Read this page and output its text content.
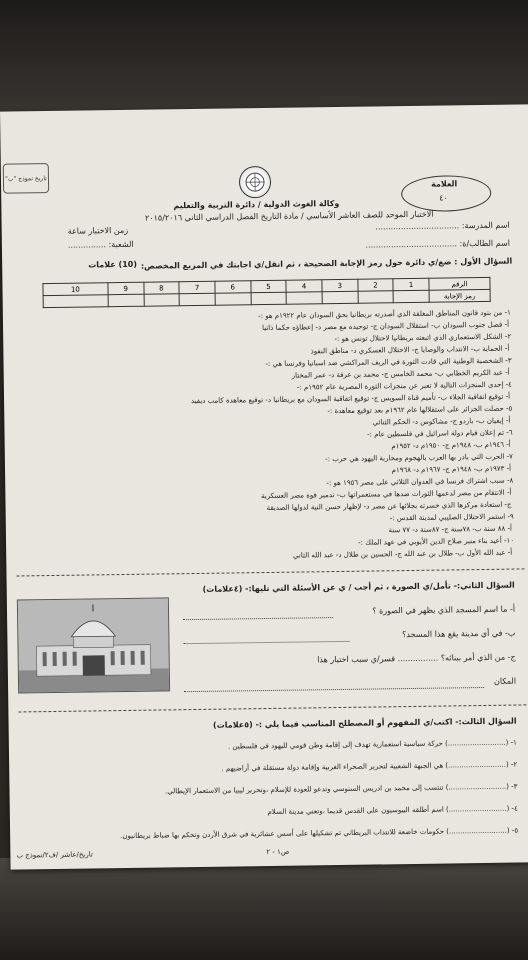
تاريخ نموذج "ب"
وكالة الغوث الدولية / دائرة التربية والتعليم
الاختبار الموحد للصف العاشر الأساسي / مادة التاريخ الفصل الدراسي الثاني ٢٠١٥/٢٠١٦
العلامة
٤٠
اسم المدرسة: .................................
زمن الاختبار ساعة
اسم الطالب/ة: ....................................
الشعبة: ...............
السؤال الأول : ضع/ي دائرة حول رمز الإجابة الصحيحة ، ثم انقل/ي اجابتك في المربع المخصص:
(10) علامات
الرقم	1	2	3	4	5	6	7	8	9	10
رمز الإجابة										
١- من بنود قانون المناطق المغلقة الذي أصدرته بريطانيا بحق السودان عام ١٩٢٢م هو :-
أ- فصل جنوب السودان ب- استقلال السودان ج- توحيده مع مصر د- إعطاؤه حكما ذاتيا
٢- الشكل الاستعماري الذي اتبعته بريطانيا لاحتلال تونس هو :-
أ- الحماية ب- الانتداب والوصايا ج- الاحتلال العسكري د- مناطق النفوذ
٣- الشخصية الوطنية التي قادت الثورة في الريف المراكشي ضد اسبانيا وفرنسا هي :-
أ- عبد الكريم الخطابي ب- محمد الخامس ج- محمد بن عرفة د- عمر المختار
٤- إحدى المنجزات التالية لا تعبر عن منجزات الثورة المصرية عام ١٩٥٢م :-
أ- توقيع اتفاقية الجلاء ب- تأميم قناة السويس ج- توقيع اتفاقية السودان مع بريطانيا د- توقيع معاهدة كامب ديفيد
٥- حصلت الجزائر على استقلالها عام ١٩٦٢م بعد توقيع معاهدة :-
أ- إيفيان ب- باردو ج- مشاكوس د- الحكم الثنائي
٦- تم إعلان قيام دولة اسرائيل في فلسطين عام :-
أ- ١٩٤٦م ب- ١٩٤٨م ج- ١٩٥٠م د- ١٩٥٢م
٧- الحرب التي بادر بها العرب بالهجوم ومحاربة اليهود هي حرب :-
أ- ١٩٧٣م ب- ١٩٤٨م ج- ١٩٦٧م د- ١٩٦٨م
٨- سبب اشتراك فرنسا في العدوان الثلاثي على مصر ١٩٥٦ هو :-
أ- الانتقام من مصر لدعمها الثورات ضدها في مستعمراتها ب- تدمير قوة مصر العسكرية
ج- استعادة مركزها الذي خسرته بجلائها عن مصر د- لإظهار حسن النية لدولها الصديقة
٩- استمر الاحتلال الصليبي لمدينة القدس :-
أ- ٨٨ سنة ب- ٧٨سنة ج- ٨٧سنة د- ٧٧ سنة
١٠- أعيد بناء منبر صلاح الدين الأيوبي في عهد الملك :-
أ- عبد الله الأول ب- طلال بن عبد الله ج- الحسين بن طلال د- عبد الله الثاني
السؤال الثاني:- تأمل/ي الصورة ، ثم أجب / ي عن الأسئلة التي تليها:- (٤علامات)
أ- ما اسم المسجد الذي يظهر في الصورة ؟
ب- في أي مدينة يقع هذا المسجد؟
ج- من الذي أمر ببنائه؟ ................ فسر/ي سبب اختيار هذا
المكان
السؤال الثالث:- اكتب/ي المفهوم أو المصطلح المناسب فيما يلي :- (٥علامات)
١- (..........................) حركة سياسية استعمارية تهدف إلى إقامة وطن قومي لليهود في فلسطين .
٢- (..........................) هي الجبهة الشعبية لتحرير الصحراء الغربية وإقامة دولة مستقلة في أراضيهم .
٣- (..........................) تنتسب إلى محمد بن ادريس السنوسي وتدعو للعودة للإسلام ،وتحرير ليبيا من الاستعمار الإيطالي.
٤- (..........................) اسم أطلقه اليبوسيون على القدس قديما ،وتعني مدينة السلام
٥- (..........................) حكومات خاضعة للانتداب البريطاني تم تشكيلها على أسس عشائرية في شرق الأردن وتحكم بها ضباط بريطانيون.
تاريخ/عاشر /ف٢/نموذج ب	ص١ - ٢
